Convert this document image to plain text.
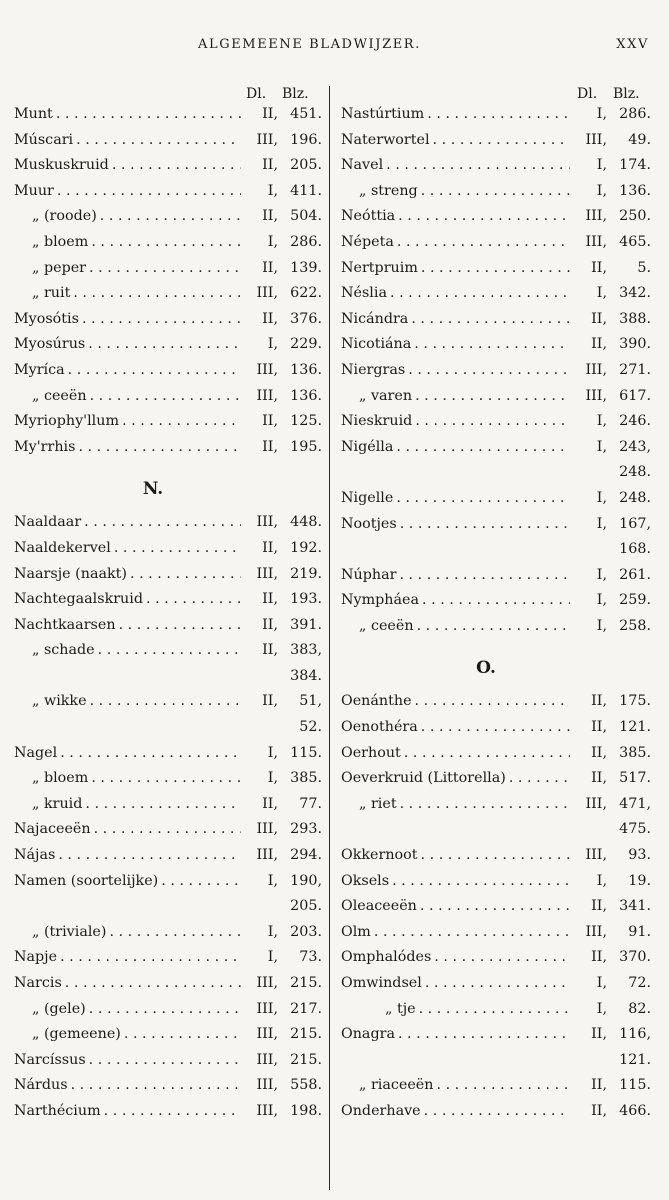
ALGEMEENE BLADWIJZER.	XXV
Dl. Blz.
Munt . . .	II, 451.
Múscari . . .	III, 196.
Muskuskruid . . .	II, 205.
Muur . . .	I, 411.
„ (roode) . . .	II, 504.
„ bloem . . .	I, 286.
„ peper . . .	II, 139.
„ ruit . . .	III, 622.
Myosótis . . .	II, 376.
Myosúrus . . .	I, 229.
Myríca . . .	III, 136.
„ ceeën . . .	III, 136.
Myriophy'llum . . .	II, 125.
My'rrhis . . .	II, 195.
N.
Naaldaar . . .	III, 448.
Naaldekervel . . .	II, 192.
Naarsje (naakt) . . .	III, 219.
Nachtegaalskruid . . .	II, 193.
Nachtkaarsen . . .	II, 391.
„ schade . . .	II, 383,
384.
„ wikke . . .	II,	51,
52.
Nagel . . .	I, 115.
„ bloem . . .	I, 385.
„ kruid . . .	II,	77.
Najaceeën . . .	III, 293.
Nájas . . .	III, 294.
Namen (soortelijke) . . .	I, 190,
205.
„ (triviale) . . .	I, 203.
Napje . . .	I,	73.
Narcis . . .	III, 215.
„ (gele) . . .	III, 217.
„ (gemeene) . . .	III, 215.
Narcíssus . . .	III, 215.
Nárdus . . .	III, 558.
Narthécium . . .	III, 198.
Dl. Blz.
Nastúrtium . . .	I, 286.
Naterwortel . . .	III,	49.
Navel . . .	I, 174.
„ streng . . .	I, 136.
Neóttia . . .	III, 250.
Népeta . . .	III, 465.
Nertpruim . . .	II,	5.
Néslia . . .	I, 342.
Nicándra . . .	II, 388.
Nicotiána . . .	II, 390.
Niergras . . .	III, 271.
„ varen . . .	III, 617.
Nieskruid . . .	I, 246.
Nigélla . . .	I, 243,
248.
Nigelle . . .	I, 248.
Nootjes . . .	I, 167,
168.
Núphar . . .	I, 261.
Nympháea . . .	I, 259.
„ ceeën . . .	I, 258.
O.
Oenánthe . . .	II, 175.
Oenothéra . . .	II, 121.
Oerhout . . .	II, 385.
Oeverkruid (Littorella) . . .	II, 517.
„ riet . . .	III, 471,
475.
Okkernoot . . .	III,	93.
Oksels . . .	I,	19.
Oleaceeën . . .	II, 341.
Olm . . .	III,	91.
Omphalódes . . .	II, 370.
Omwindsel . . .	I,	72.
„ tje . . .	I,	82.
Onagra . . .	II, 116,
121.
„ riaceeën . . .	II, 115.
Onderhave . . .	II, 466.
